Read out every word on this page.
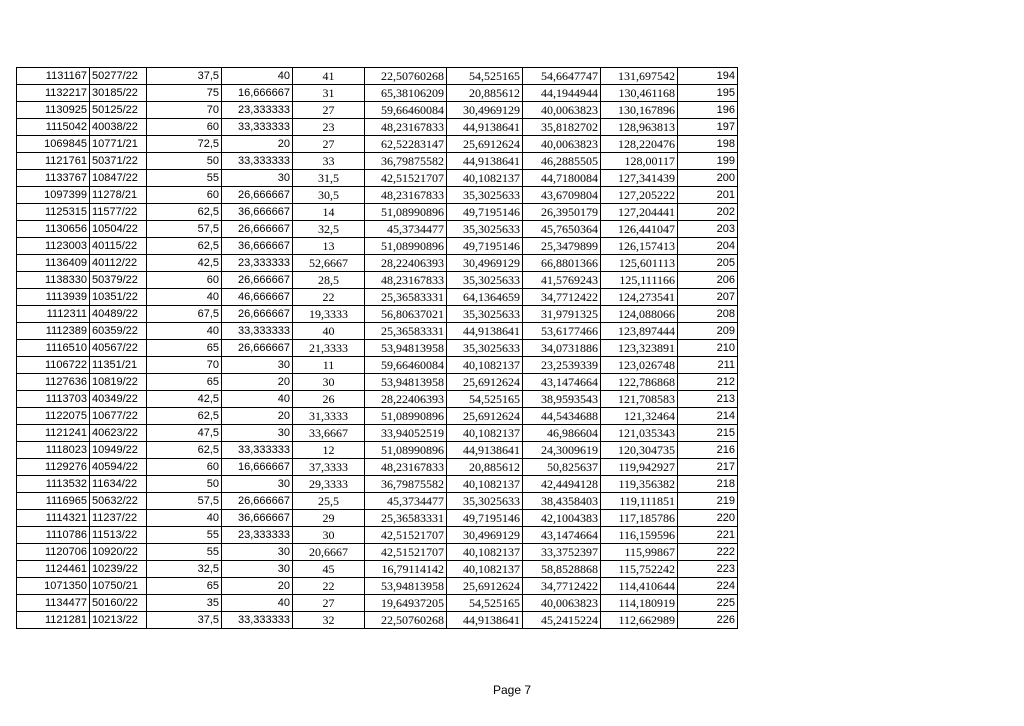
1131167	50277/22	37,5	40	41	22,50760268	54,525165	54,6647747	131,697542	194
1132217	30185/22	75	16,666667	31	65,38106209	20,885612	44,1944944	130,461168	195
1130925	50125/22	70	23,333333	27	59,66460084	30,4969129	40,0063823	130,167896	196
1115042	40038/22	60	33,333333	23	48,23167833	44,9138641	35,8182702	128,963813	197
1069845	10771/21	72,5	20	27	62,52283147	25,6912624	40,0063823	128,220476	198
1121761	50371/22	50	33,333333	33	36,79875582	44,9138641	46,2885505	128,00117	199
1133767	10847/22	55	30	31,5	42,51521707	40,1082137	44,7180084	127,341439	200
1097399	11278/21	60	26,666667	30,5	48,23167833	35,3025633	43,6709804	127,205222	201
1125315	11577/22	62,5	36,666667	14	51,08990896	49,7195146	26,3950179	127,204441	202
1130656	10504/22	57,5	26,666667	32,5	45,3734477	35,3025633	45,7650364	126,441047	203
1123003	40115/22	62,5	36,666667	13	51,08990896	49,7195146	25,3479899	126,157413	204
1136409	40112/22	42,5	23,333333	52,6667	28,22406393	30,4969129	66,8801366	125,601113	205
1138330	50379/22	60	26,666667	28,5	48,23167833	35,3025633	41,5769243	125,111166	206
1113939	10351/22	40	46,666667	22	25,36583331	64,1364659	34,7712422	124,273541	207
1112311	40489/22	67,5	26,666667	19,3333	56,80637021	35,3025633	31,9791325	124,088066	208
1112389	60359/22	40	33,333333	40	25,36583331	44,9138641	53,6177466	123,897444	209
1116510	40567/22	65	26,666667	21,3333	53,94813958	35,3025633	34,0731886	123,323891	210
1106722	11351/21	70	30	11	59,66460084	40,1082137	23,2539339	123,026748	211
1127636	10819/22	65	20	30	53,94813958	25,6912624	43,1474664	122,786868	212
1113703	40349/22	42,5	40	26	28,22406393	54,525165	38,9593543	121,708583	213
1122075	10677/22	62,5	20	31,3333	51,08990896	25,6912624	44,5434688	121,32464	214
1121241	40623/22	47,5	30	33,6667	33,94052519	40,1082137	46,986604	121,035343	215
1118023	10949/22	62,5	33,333333	12	51,08990896	44,9138641	24,3009619	120,304735	216
1129276	40594/22	60	16,666667	37,3333	48,23167833	20,885612	50,825637	119,942927	217
1113532	11634/22	50	30	29,3333	36,79875582	40,1082137	42,4494128	119,356382	218
1116965	50632/22	57,5	26,666667	25,5	45,3734477	35,3025633	38,4358403	119,111851	219
1114321	11237/22	40	36,666667	29	25,36583331	49,7195146	42,1004383	117,185786	220
1110786	11513/22	55	23,333333	30	42,51521707	30,4969129	43,1474664	116,159596	221
1120706	10920/22	55	30	20,6667	42,51521707	40,1082137	33,3752397	115,99867	222
1124461	10239/22	32,5	30	45	16,79114142	40,1082137	58,8528868	115,752242	223
1071350	10750/21	65	20	22	53,94813958	25,6912624	34,7712422	114,410644	224
1134477	50160/22	35	40	27	19,64937205	54,525165	40,0063823	114,180919	225
1121281	10213/22	37,5	33,333333	32	22,50760268	44,9138641	45,2415224	112,662989	226
Page 7
